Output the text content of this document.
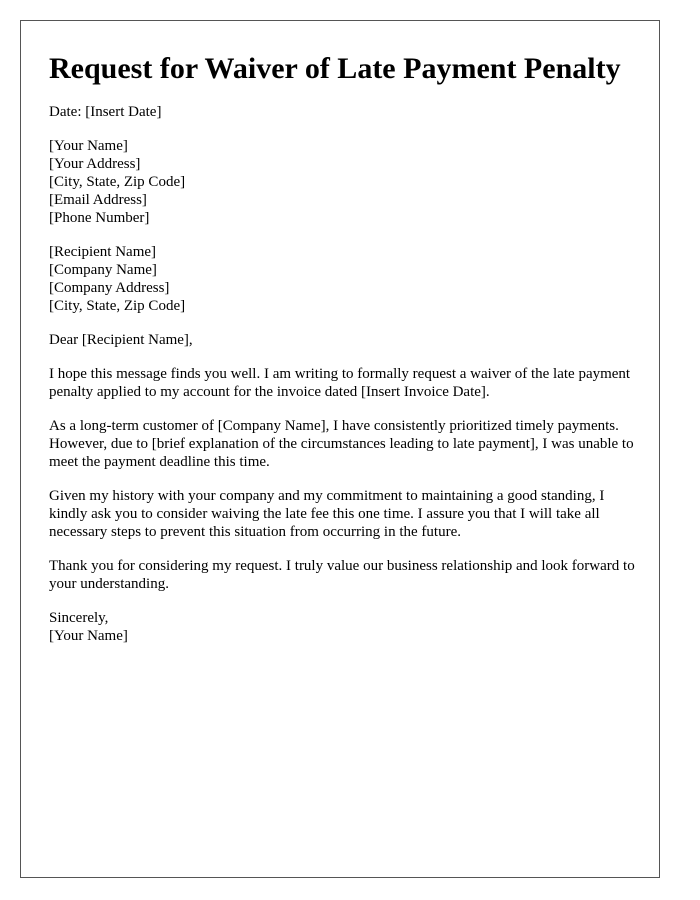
Request for Waiver of Late Payment Penalty
Date: [Insert Date]
[Your Name]
[Your Address]
[City, State, Zip Code]
[Email Address]
[Phone Number]
[Recipient Name]
[Company Name]
[Company Address]
[City, State, Zip Code]
Dear [Recipient Name],

I hope this message finds you well. I am writing to formally request a waiver of the late payment penalty applied to my account for the invoice dated [Insert Invoice Date].

As a long-term customer of [Company Name], I have consistently prioritized timely payments. However, due to [brief explanation of the circumstances leading to late payment], I was unable to meet the payment deadline this time.

Given my history with your company and my commitment to maintaining a good standing, I kindly ask you to consider waiving the late fee this one time. I assure you that I will take all necessary steps to prevent this situation from occurring in the future.

Thank you for considering my request. I truly value our business relationship and look forward to your understanding.

Sincerely,
[Your Name]
